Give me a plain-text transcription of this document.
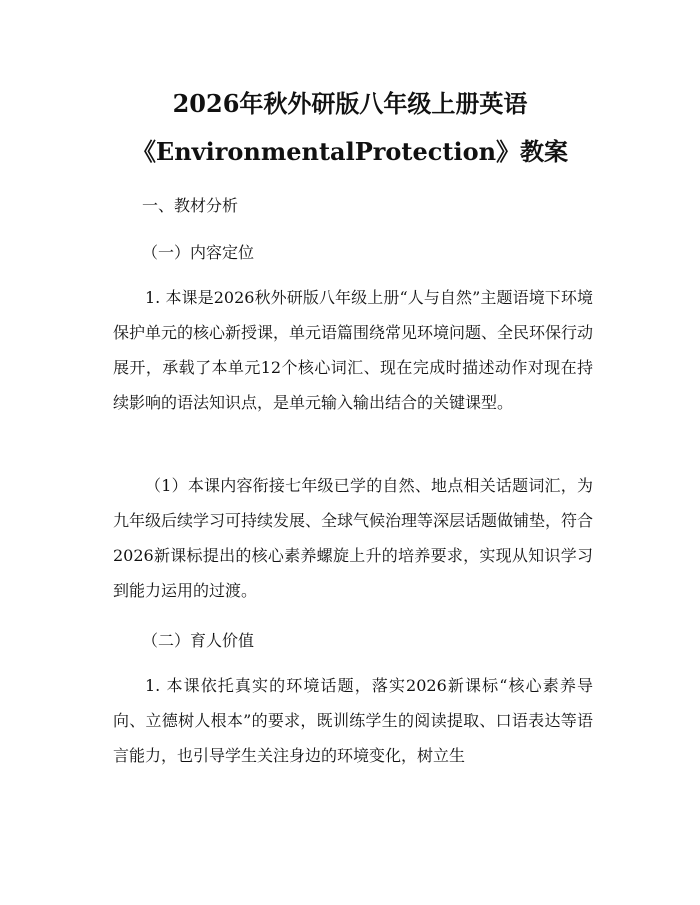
2026年秋外研版八年级上册英语
《EnvironmentalProtection》教案
一、教材分析
（一）内容定位
1. 本课是2026秋外研版八年级上册“人与自然”主题语境下环境保护单元的核心新授课，单元语篇围绕常见环境问题、全民环保行动展开，承载了本单元12个核心词汇、现在完成时描述动作对现在持续影响的语法知识点，是单元输入输出结合的关键课型。
（1）本课内容衔接七年级已学的自然、地点相关话题词汇，为九年级后续学习可持续发展、全球气候治理等深层话题做铺垫，符合2026新课标提出的核心素养螺旋上升的培养要求，实现从知识学习到能力运用的过渡。
（二）育人价值
1. 本课依托真实的环境话题，落实2026新课标“核心素养导向、立德树人根本”的要求，既训练学生的阅读提取、口语表达等语言能力，也引导学生关注身边的环境变化，树立生
